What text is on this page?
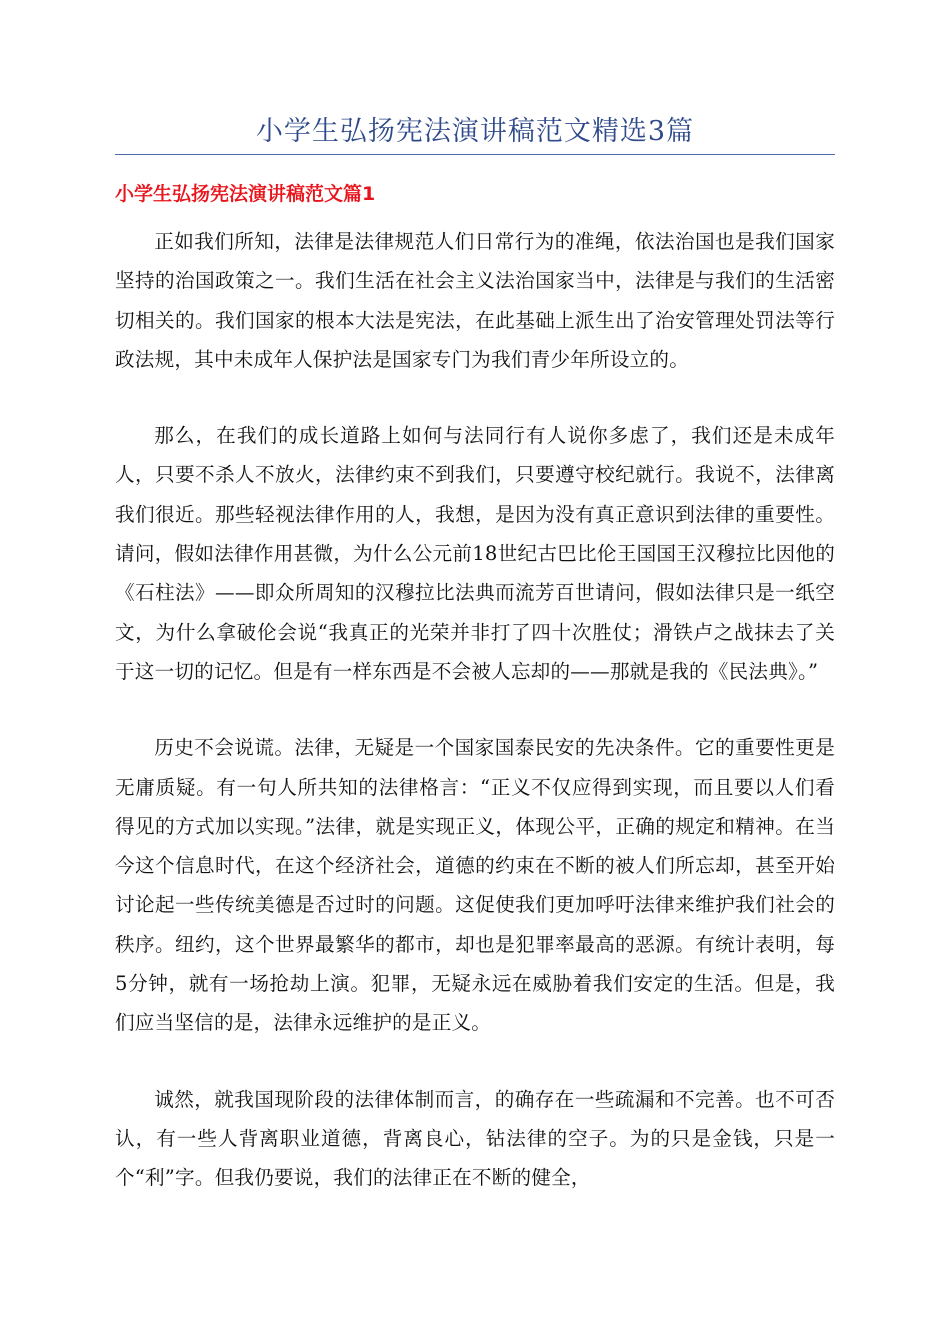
小学生弘扬宪法演讲稿范文精选3篇
小学生弘扬宪法演讲稿范文篇1

正如我们所知，法律是法律规范人们日常行为的准绳，依法治国也是我们国家坚持的治国政策之一。我们生活在社会主义法治国家当中，法律是与我们的生活密切相关的。我们国家的根本大法是宪法，在此基础上派生出了治安管理处罚法等行政法规，其中未成年人保护法是国家专门为我们青少年所设立的。

那么，在我们的成长道路上如何与法同行有人说你多虑了，我们还是未成年人，只要不杀人不放火，法律约束不到我们，只要遵守校纪就行。我说不，法律离我们很近。那些轻视法律作用的人，我想，是因为没有真正意识到法律的重要性。请问，假如法律作用甚微，为什么公元前18世纪古巴比伦王国国王汉穆拉比因他的《石柱法》——即众所周知的汉穆拉比法典而流芳百世请问，假如法律只是一纸空文，为什么拿破伦会说“我真正的光荣并非打了四十次胜仗；滑铁卢之战抹去了关于这一切的记忆。但是有一样东西是不会被人忘却的——那就是我的《民法典》。”

历史不会说谎。法律，无疑是一个国家国泰民安的先决条件。它的重要性更是无庸质疑。有一句人所共知的法律格言：“正义不仅应得到实现，而且要以人们看得见的方式加以实现。”法律，就是实现正义，体现公平，正确的规定和精神。在当今这个信息时代，在这个经济社会，道德的约束在不断的被人们所忘却，甚至开始讨论起一些传统美德是否过时的问题。这促使我们更加呼吁法律来维护我们社会的秩序。纽约，这个世界最繁华的都市，却也是犯罪率最高的恶源。有统计表明，每5分钟，就有一场抢劫上演。犯罪，无疑永远在威胁着我们安定的生活。但是，我们应当坚信的是，法律永远维护的是正义。

诚然，就我国现阶段的法律体制而言，的确存在一些疏漏和不完善。也不可否认，有一些人背离职业道德，背离良心，钻法律的空子。为的只是金钱，只是一个“利”字。但我仍要说，我们的法律正在不断的健全，
